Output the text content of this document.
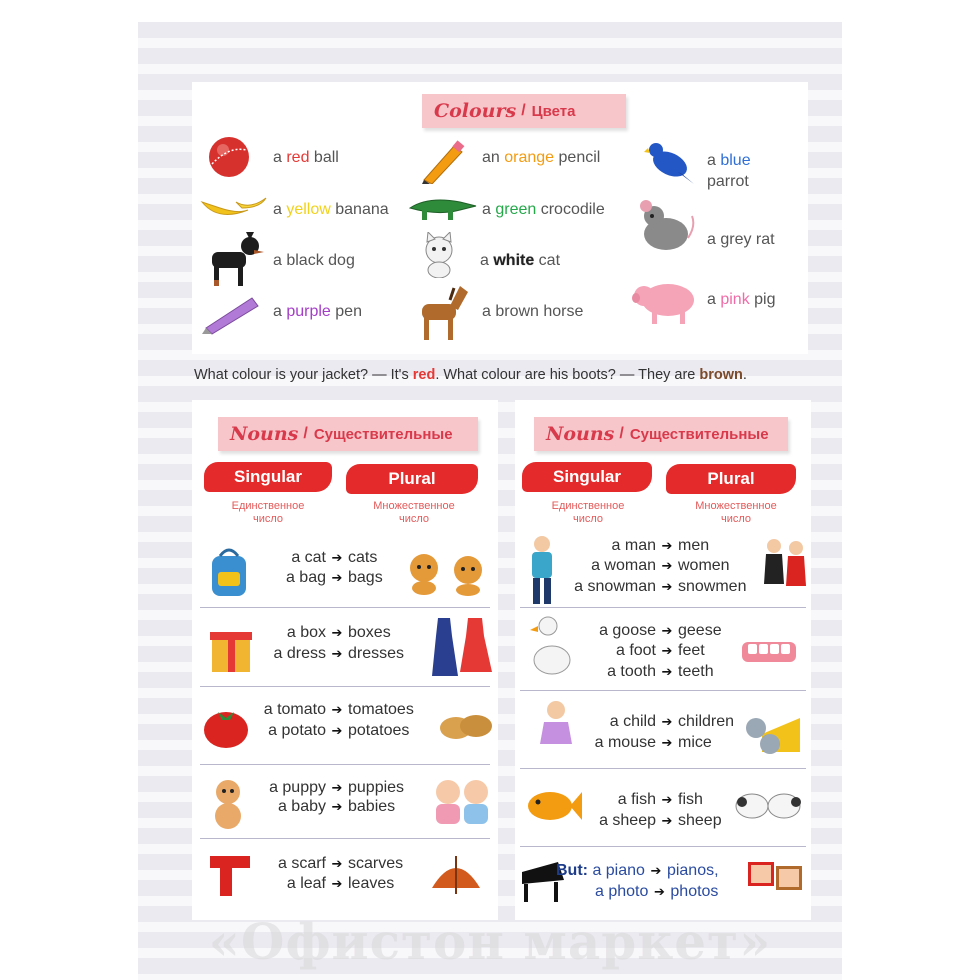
Colours / Цвета
a red ball
a yellow banana
a black dog
a purple pen
an orange pencil
a green crocodile
a white cat
a brown horse
a blue
parrot
a grey rat
a pink pig
What colour is your jacket? — It's red. What colour are his boots? — They are brown.
Nouns / Существительные
Singular	Plural
Единственное число
Множественное число
a cat ➔ cats
a bag ➔ bags
a box ➔ boxes
a dress ➔ dresses
a tomato ➔ tomatoes
a potato ➔ potatoes
a puppy ➔ puppies
a baby ➔ babies
a scarf ➔ scarves
a leaf ➔ leaves
Nouns / Существительные
Singular	Plural
Единственное число
Множественное число
a man ➔ men
a woman ➔ women
a snowman ➔ snowmen
a goose ➔ geese
a foot ➔ feet
a tooth ➔ teeth
a child ➔ children
a mouse ➔ mice
a fish ➔ fish
a sheep ➔ sheep
But: a piano ➔ pianos,
a photo ➔ photos
«Офистон маркет»
